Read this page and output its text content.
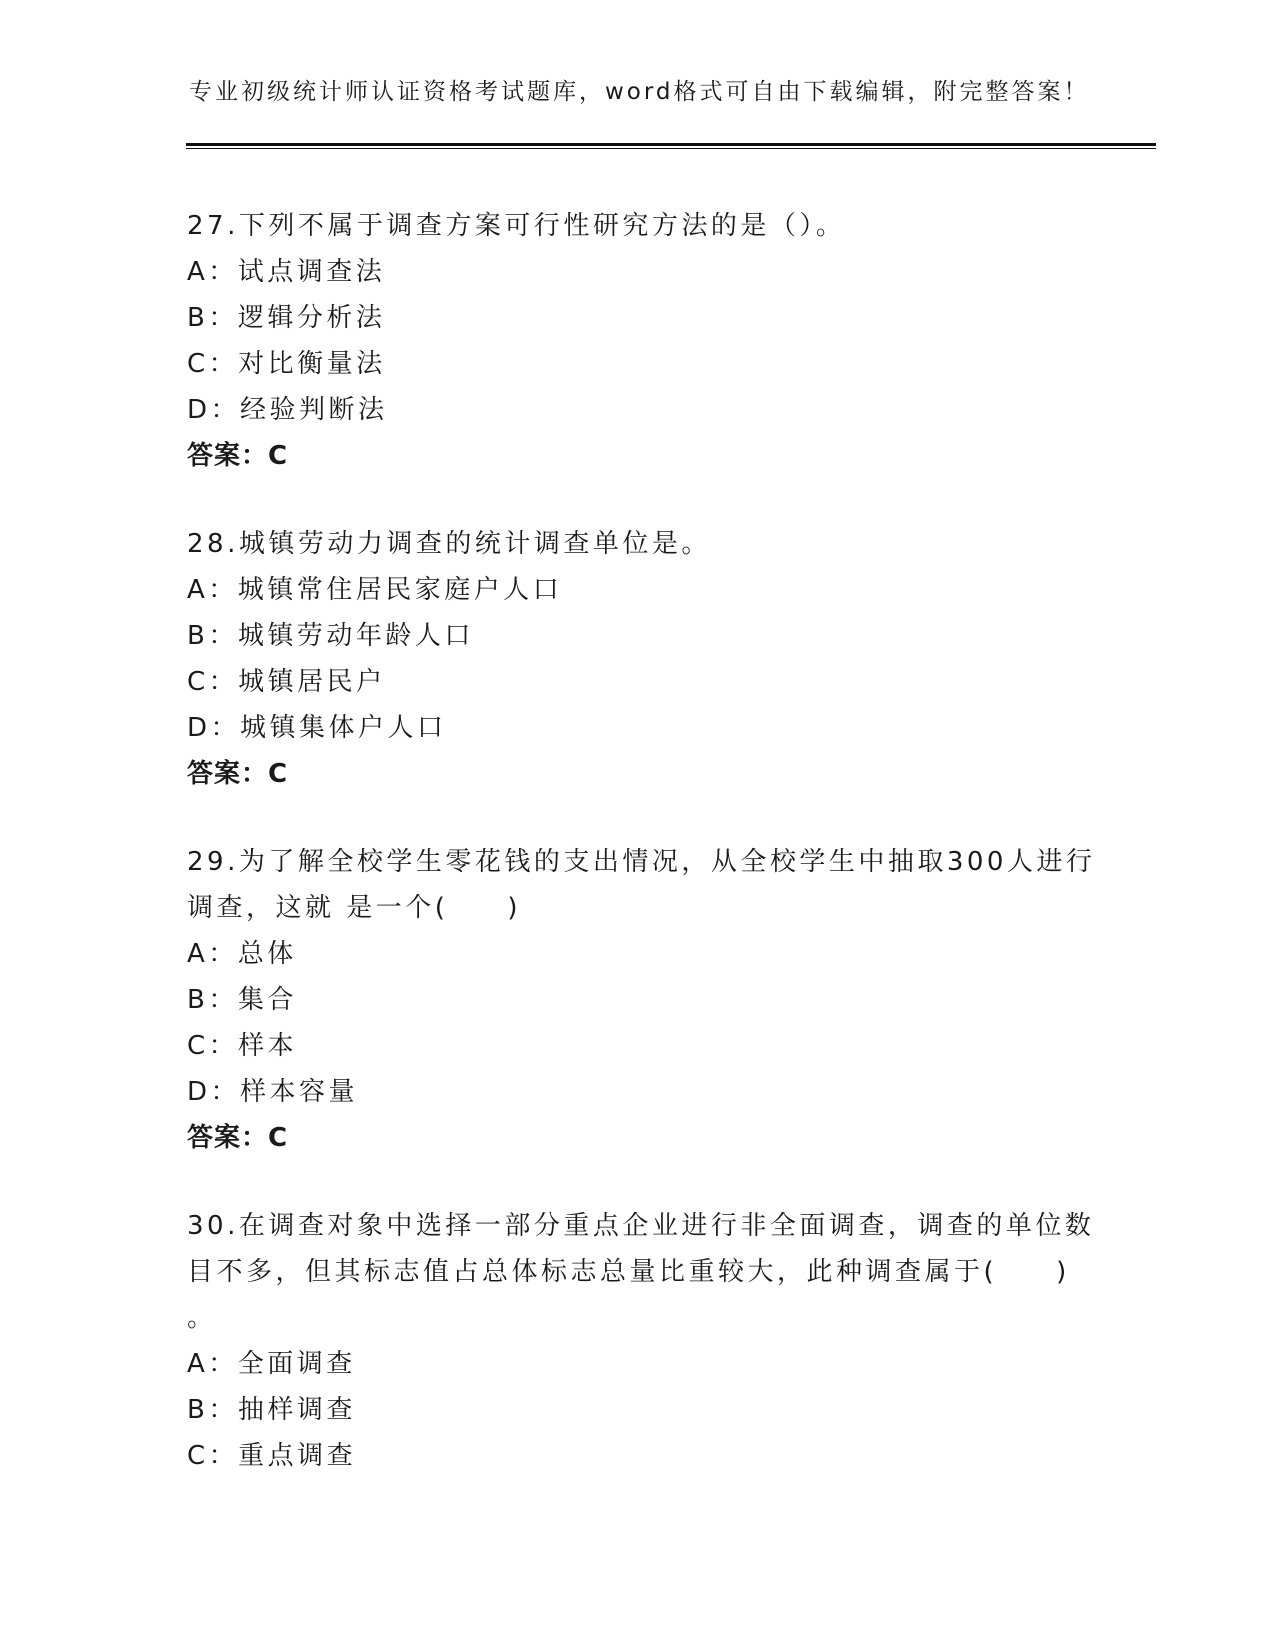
专业初级统计师认证资格考试题库，word格式可自由下载编辑，附完整答案！
27.下列不属于调查方案可行性研究方法的是（）。
A：试点调查法
B：逻辑分析法
C：对比衡量法
D：经验判断法
答案：C
28.城镇劳动力调查的统计调查单位是。
A：城镇常住居民家庭户人口
B：城镇劳动年龄人口
C：城镇居民户
D：城镇集体户人口
答案：C
29.为了解全校学生零花钱的支出情况，从全校学生中抽取300人进行
调查，这就 是一个(　　)
A：总体
B：集合
C：样本
D：样本容量
答案：C
30.在调查对象中选择一部分重点企业进行非全面调查，调查的单位数
目不多，但其标志值占总体标志总量比重较大，此种调查属于(　　)
。
A：全面调查
B：抽样调查
C：重点调查
